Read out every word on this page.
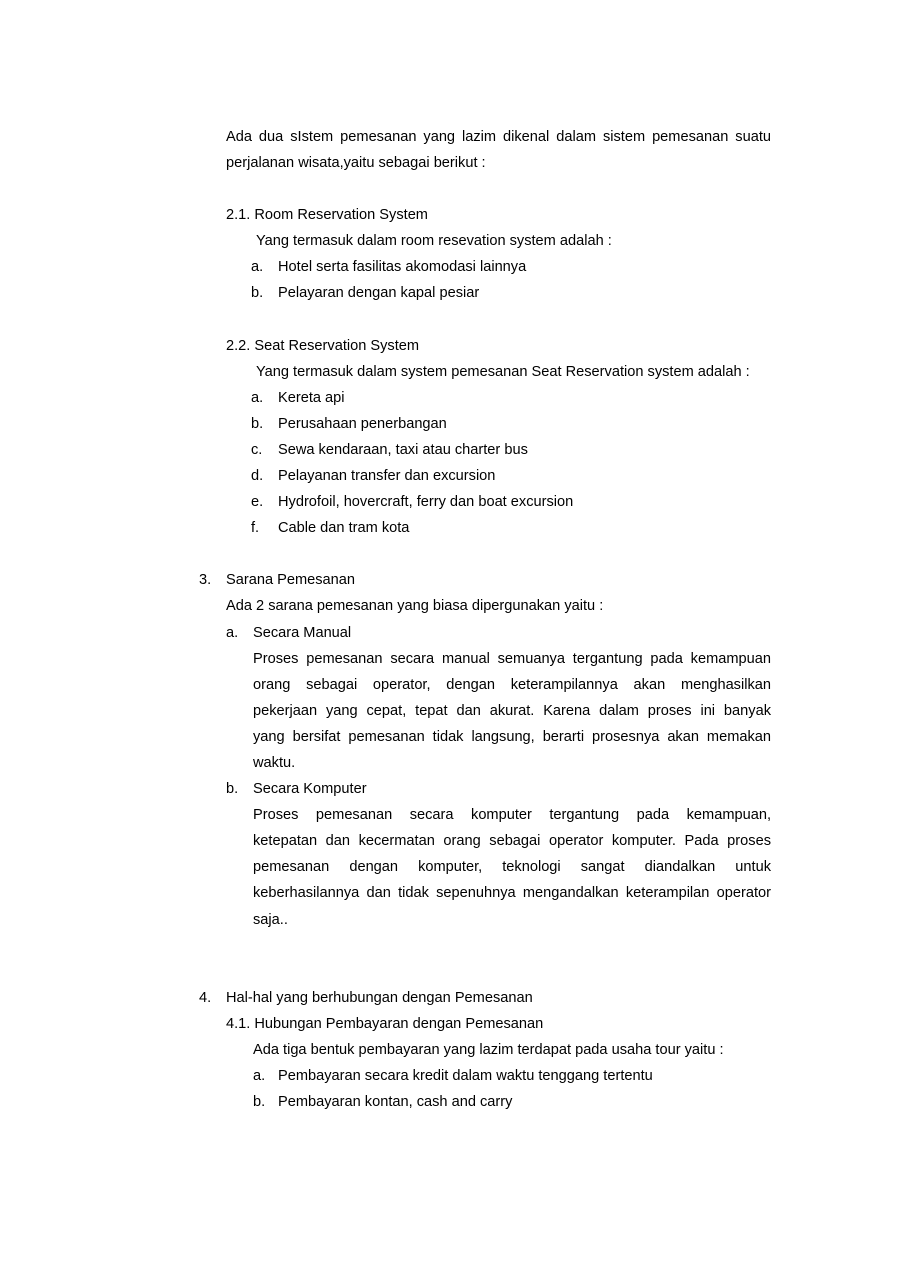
Ada dua sIstem pemesanan yang lazim dikenal dalam sistem pemesanan suatu
perjalanan wisata,yaitu sebagai berikut :
2.1. Room Reservation System
Yang termasuk dalam room resevation system adalah :
a. Hotel serta fasilitas akomodasi lainnya
b. Pelayaran dengan kapal pesiar
2.2. Seat Reservation System
Yang termasuk dalam system pemesanan Seat Reservation system adalah :
a. Kereta api
b. Perusahaan penerbangan
c. Sewa kendaraan, taxi atau charter bus
d. Pelayanan transfer dan excursion
e. Hydrofoil, hovercraft, ferry dan boat excursion
f. Cable dan tram kota
3. Sarana Pemesanan
Ada 2 sarana pemesanan yang biasa dipergunakan yaitu :
a. Secara Manual
Proses pemesanan secara manual semuanya tergantung pada kemampuan
orang sebagai operator, dengan keterampilannya akan menghasilkan
pekerjaan yang cepat, tepat dan akurat. Karena dalam proses ini banyak
yang bersifat pemesanan tidak langsung, berarti prosesnya akan memakan
waktu.
b. Secara Komputer
Proses pemesanan secara komputer tergantung pada kemampuan,
ketepatan dan kecermatan orang sebagai operator komputer. Pada proses
pemesanan dengan komputer, teknologi sangat diandalkan untuk
keberhasilannya dan tidak sepenuhnya mengandalkan keterampilan operator
saja..
4. Hal-hal yang berhubungan dengan Pemesanan
4.1. Hubungan Pembayaran dengan Pemesanan
Ada tiga bentuk pembayaran yang lazim terdapat pada usaha tour yaitu :
a. Pembayaran secara kredit dalam waktu tenggang tertentu
b. Pembayaran kontan, cash and carry
